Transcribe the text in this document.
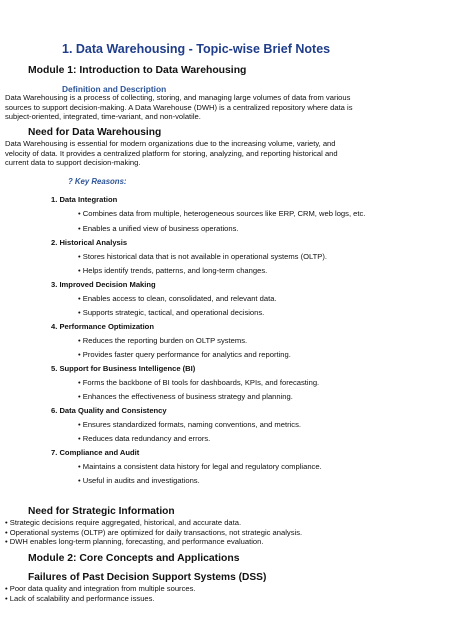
1. Data Warehousing - Topic-wise Brief Notes
Module 1: Introduction to Data Warehousing
Definition and Description
Data Warehousing is a process of collecting, storing, and managing large volumes of data from various
sources to support decision-making. A Data Warehouse (DWH) is a centralized repository where data is
subject-oriented, integrated, time-variant, and non-volatile.
Need for Data Warehousing
Data Warehousing is essential for modern organizations due to the increasing volume, variety, and
velocity of data. It provides a centralized platform for storing, analyzing, and reporting historical and
current data to support decision-making.
? Key Reasons:
1. Data Integration
• Combines data from multiple, heterogeneous sources like ERP, CRM, web logs, etc.
• Enables a unified view of business operations.
2. Historical Analysis
• Stores historical data that is not available in operational systems (OLTP).
• Helps identify trends, patterns, and long-term changes.
3. Improved Decision Making
• Enables access to clean, consolidated, and relevant data.
• Supports strategic, tactical, and operational decisions.
4. Performance Optimization
• Reduces the reporting burden on OLTP systems.
• Provides faster query performance for analytics and reporting.
5. Support for Business Intelligence (BI)
• Forms the backbone of BI tools for dashboards, KPIs, and forecasting.
• Enhances the effectiveness of business strategy and planning.
6. Data Quality and Consistency
• Ensures standardized formats, naming conventions, and metrics.
• Reduces data redundancy and errors.
7. Compliance and Audit
• Maintains a consistent data history for legal and regulatory compliance.
• Useful in audits and investigations.
Need for Strategic Information
• Strategic decisions require aggregated, historical, and accurate data.
• Operational systems (OLTP) are optimized for daily transactions, not strategic analysis.
• DWH enables long-term planning, forecasting, and performance evaluation.
Module 2: Core Concepts and Applications
Failures of Past Decision Support Systems (DSS)
• Poor data quality and integration from multiple sources.
• Lack of scalability and performance issues.
